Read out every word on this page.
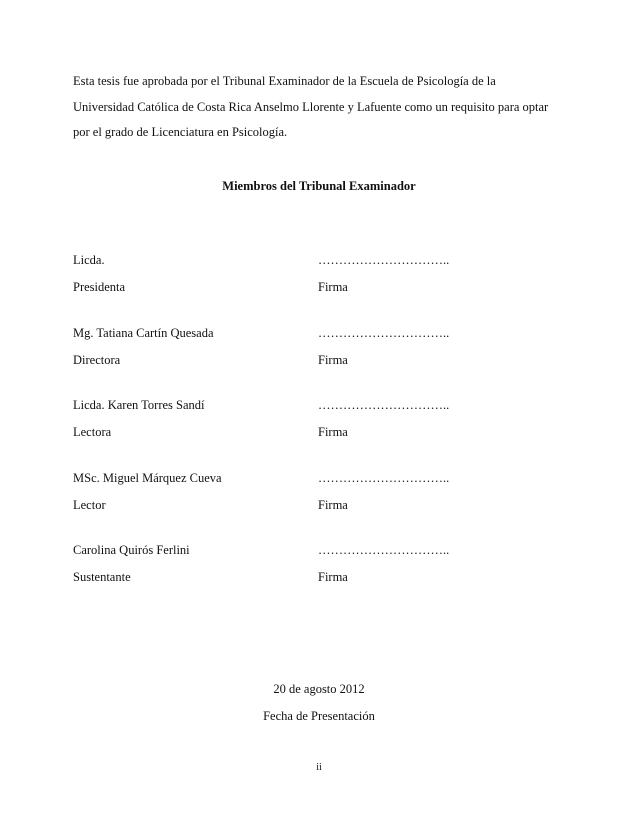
Esta tesis fue aprobada por el Tribunal Examinador de la Escuela de Psicología de la
Universidad Católica de Costa Rica Anselmo Llorente y Lafuente como un requisito para optar
por el grado de Licenciatura en Psicología.

Miembros del Tribunal Examinador

Licda.
Presidenta
…………………………..
Firma
Mg. Tatiana Cartín Quesada
Directora
…………………………..
Firma
Licda. Karen Torres Sandí
Lectora
…………………………..
Firma
MSc. Miguel Márquez Cueva
Lector
…………………………..
Firma
Carolina Quirós Ferlini
Sustentante
…………………………..
Firma

20 de agosto 2012

Fecha de Presentación

ii
